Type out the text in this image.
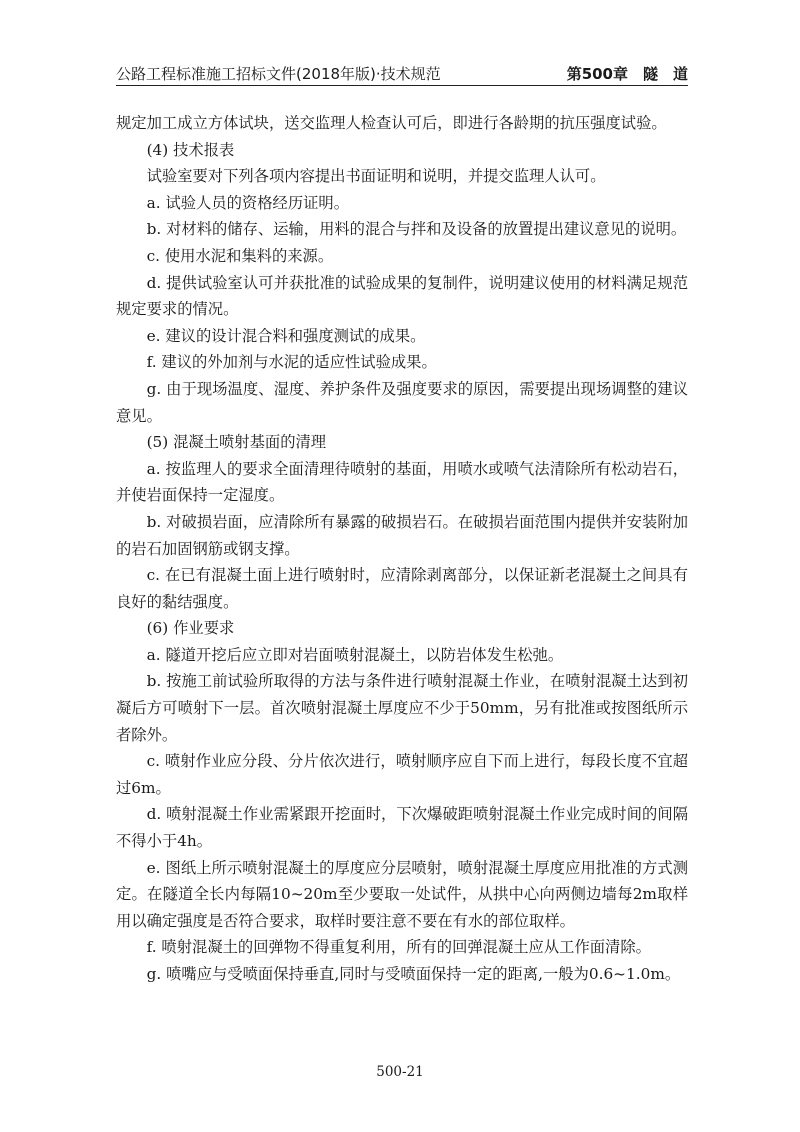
公路工程标准施工招标文件(2018年版)·技术规范	第500章　隧　道

规定加工成立方体试块，送交监理人检查认可后，即进行各龄期的抗压强度试验。

(4) 技术报表

试验室要对下列各项内容提出书面证明和说明，并提交监理人认可。

a. 试验人员的资格经历证明。

b. 对材料的储存、运输，用料的混合与拌和及设备的放置提出建议意见的说明。

c. 使用水泥和集料的来源。

d. 提供试验室认可并获批准的试验成果的复制件，说明建议使用的材料满足规范规定要求的情况。

e. 建议的设计混合料和强度测试的成果。

f. 建议的外加剂与水泥的适应性试验成果。

g. 由于现场温度、湿度、养护条件及强度要求的原因，需要提出现场调整的建议意见。

(5) 混凝土喷射基面的清理

a. 按监理人的要求全面清理待喷射的基面，用喷水或喷气法清除所有松动岩石，并使岩面保持一定湿度。

b. 对破损岩面，应清除所有暴露的破损岩石。在破损岩面范围内提供并安装附加的岩石加固钢筋或钢支撑。

c. 在已有混凝土面上进行喷射时，应清除剥离部分，以保证新老混凝土之间具有良好的黏结强度。

(6) 作业要求

a. 隧道开挖后应立即对岩面喷射混凝土，以防岩体发生松弛。

b. 按施工前试验所取得的方法与条件进行喷射混凝土作业，在喷射混凝土达到初凝后方可喷射下一层。首次喷射混凝土厚度应不少于50mm，另有批准或按图纸所示者除外。

c. 喷射作业应分段、分片依次进行，喷射顺序应自下而上进行，每段长度不宜超过6m。

d. 喷射混凝土作业需紧跟开挖面时，下次爆破距喷射混凝土作业完成时间的间隔不得小于4h。

e. 图纸上所示喷射混凝土的厚度应分层喷射，喷射混凝土厚度应用批准的方式测定。在隧道全长内每隔10~20m至少要取一处试件，从拱中心向两侧边墙每2m取样用以确定强度是否符合要求，取样时要注意不要在有水的部位取样。

f. 喷射混凝土的回弹物不得重复利用，所有的回弹混凝土应从工作面清除。

g. 喷嘴应与受喷面保持垂直,同时与受喷面保持一定的距离,一般为0.6~1.0m。

500-21
